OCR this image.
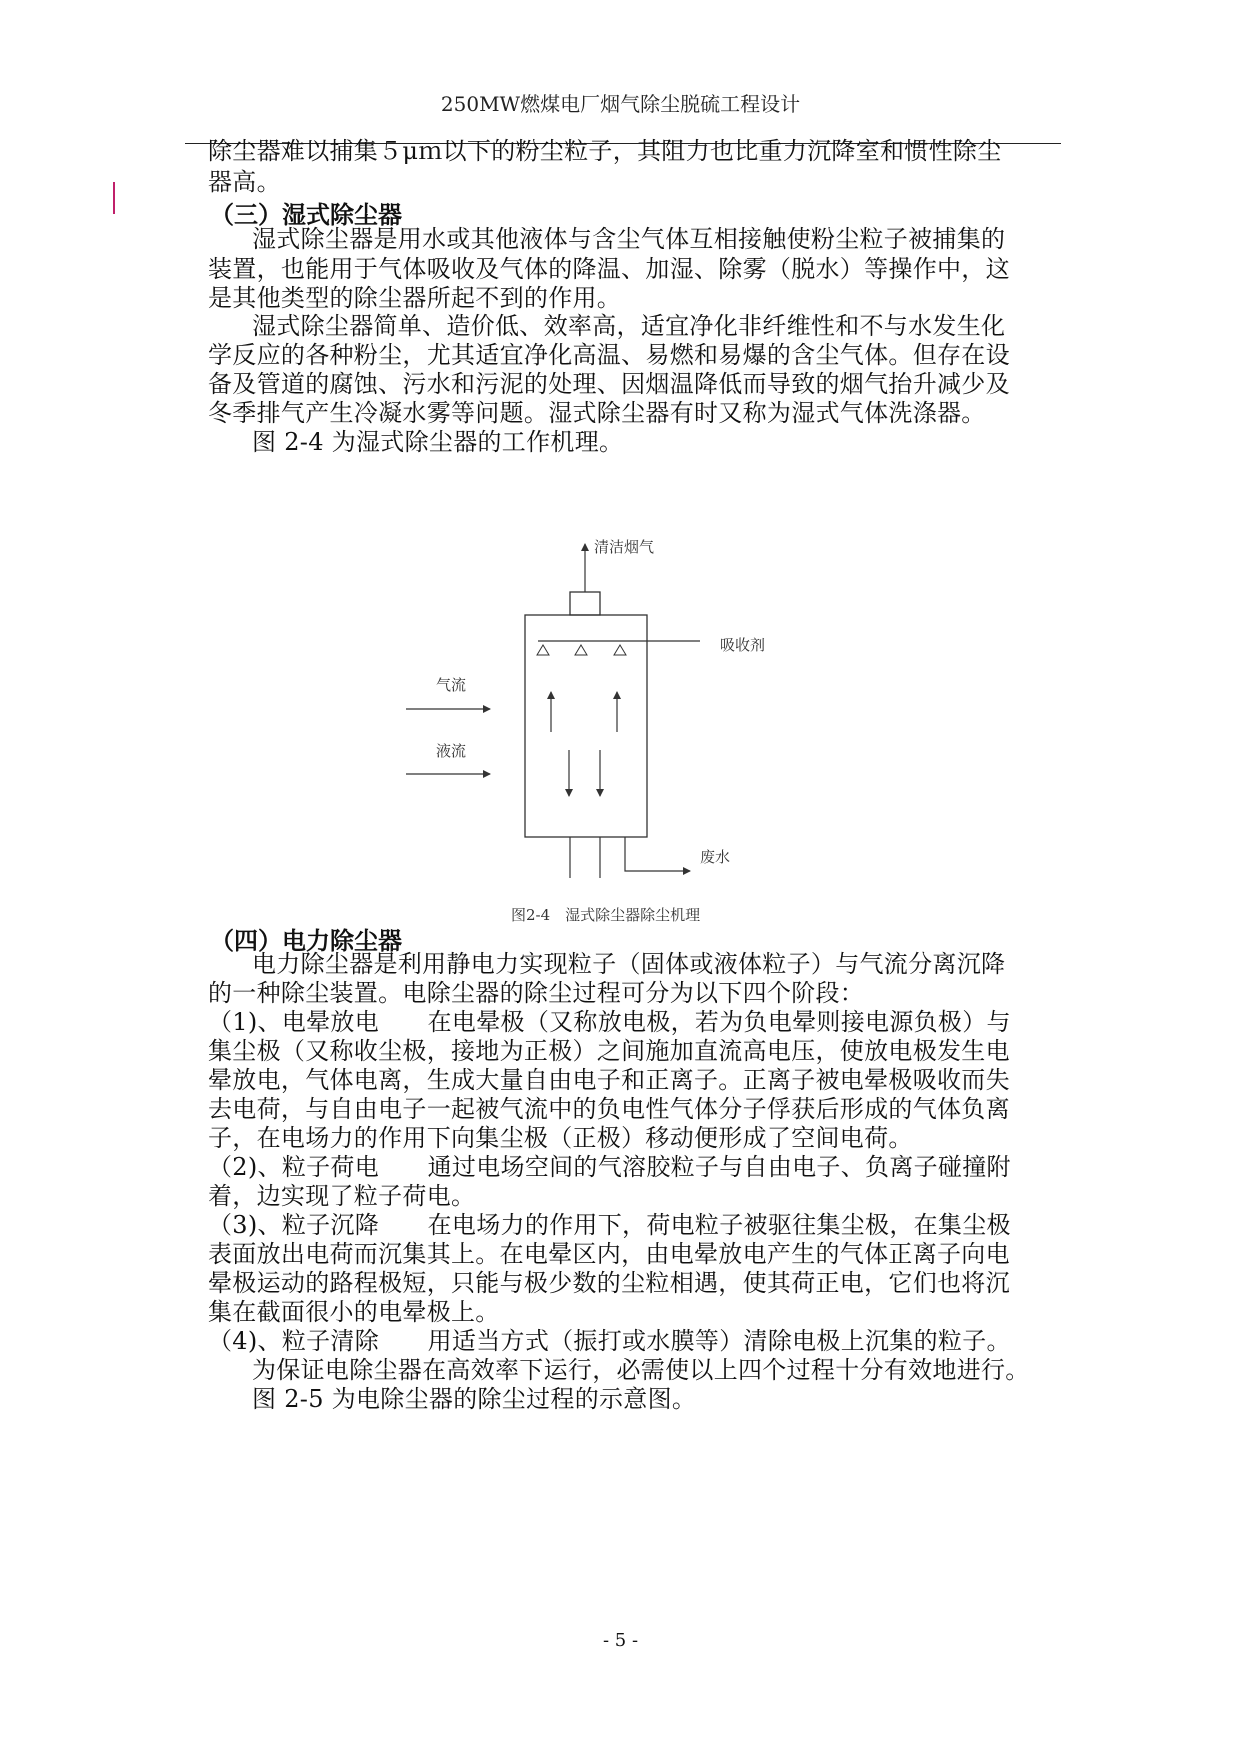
250MW燃煤电厂烟气除尘脱硫工程设计
除尘器难以捕集５μｍ以下的粉尘粒子，其阻力也比重力沉降室和惯性除尘
器高。
（三）湿式除尘器
湿式除尘器是用水或其他液体与含尘气体互相接触使粉尘粒子被捕集的
装置，也能用于气体吸收及气体的降温、加湿、除雾（脱水）等操作中，这
是其他类型的除尘器所起不到的作用。
湿式除尘器简单、造价低、效率高，适宜净化非纤维性和不与水发生化
学反应的各种粉尘，尤其适宜净化高温、易燃和易爆的含尘气体。但存在设
备及管道的腐蚀、污水和污泥的处理、因烟温降低而导致的烟气抬升减少及
冬季排气产生冷凝水雾等问题。湿式除尘器有时又称为湿式气体洗涤器。
图 2-4 为湿式除尘器的工作机理。
清洁烟气
吸收剂
气流
液流
废水
图2-4　湿式除尘器除尘机理
（四）电力除尘器
电力除尘器是利用静电力实现粒子（固体或液体粒子）与气流分离沉降
的一种除尘装置。电除尘器的除尘过程可分为以下四个阶段：
（1)、电晕放电　　在电晕极（又称放电极，若为负电晕则接电源负极）与
集尘极（又称收尘极，接地为正极）之间施加直流高电压，使放电极发生电
晕放电，气体电离，生成大量自由电子和正离子。正离子被电晕极吸收而失
去电荷，与自由电子一起被气流中的负电性气体分子俘获后形成的气体负离
子，在电场力的作用下向集尘极（正极）移动便形成了空间电荷。
（2)、粒子荷电　　通过电场空间的气溶胶粒子与自由电子、负离子碰撞附
着，边实现了粒子荷电。
（3)、粒子沉降　　在电场力的作用下，荷电粒子被驱往集尘极，在集尘极
表面放出电荷而沉集其上。在电晕区内，由电晕放电产生的气体正离子向电
晕极运动的路程极短，只能与极少数的尘粒相遇，使其荷正电，它们也将沉
集在截面很小的电晕极上。
（4)、粒子清除　　用适当方式（振打或水膜等）清除电极上沉集的粒子。
为保证电除尘器在高效率下运行，必需使以上四个过程十分有效地进行。
图 2-5 为电除尘器的除尘过程的示意图。
- 5 -
